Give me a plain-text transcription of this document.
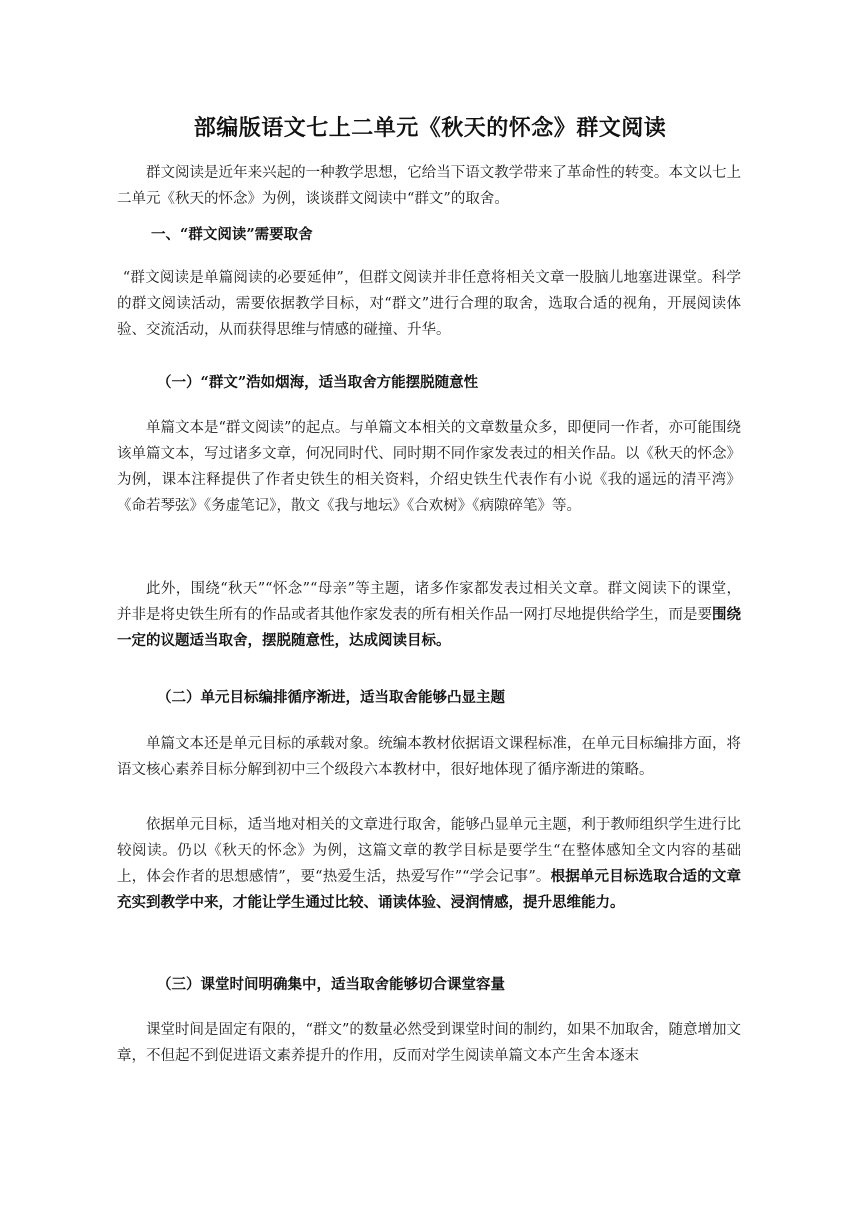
部编版语文七上二单元《秋天的怀念》群文阅读

群文阅读是近年来兴起的一种教学思想，它给当下语文教学带来了革命性的转变。本文以七上二单元《秋天的怀念》为例，谈谈群文阅读中“群文”的取舍。

一、“群文阅读”需要取舍

“群文阅读是单篇阅读的必要延伸”，但群文阅读并非任意将相关文章一股脑儿地塞进课堂。科学的群文阅读活动，需要依据教学目标，对“群文”进行合理的取舍，选取合适的视角，开展阅读体验、交流活动，从而获得思维与情感的碰撞、升华。

（一）“群文”浩如烟海，适当取舍方能摆脱随意性

单篇文本是“群文阅读”的起点。与单篇文本相关的文章数量众多，即便同一作者，亦可能围绕该单篇文本，写过诸多文章，何况同时代、同时期不同作家发表过的相关作品。以《秋天的怀念》为例，课本注释提供了作者史铁生的相关资料，介绍史铁生代表作有小说《我的遥远的清平湾》《命若琴弦》《务虚笔记》，散文《我与地坛》《合欢树》《病隙碎笔》等。

此外，围绕“秋天”“怀念”“母亲”等主题，诸多作家都发表过相关文章。群文阅读下的课堂，并非是将史铁生所有的作品或者其他作家发表的所有相关作品一网打尽地提供给学生，而是要围绕一定的议题适当取舍，摆脱随意性，达成阅读目标。

（二）单元目标编排循序渐进，适当取舍能够凸显主题

单篇文本还是单元目标的承载对象。统编本教材依据语文课程标准，在单元目标编排方面，将语文核心素养目标分解到初中三个级段六本教材中，很好地体现了循序渐进的策略。

依据单元目标，适当地对相关的文章进行取舍，能够凸显单元主题，利于教师组织学生进行比较阅读。仍以《秋天的怀念》为例，这篇文章的教学目标是要学生“在整体感知全文内容的基础上，体会作者的思想感情”，要“热爱生活，热爱写作”“学会记事”。根据单元目标选取合适的文章充实到教学中来，才能让学生通过比较、诵读体验、浸润情感，提升思维能力。

（三）课堂时间明确集中，适当取舍能够切合课堂容量

课堂时间是固定有限的，“群文”的数量必然受到课堂时间的制约，如果不加取舍，随意增加文章，不但起不到促进语文素养提升的作用，反而对学生阅读单篇文本产生舍本逐末
